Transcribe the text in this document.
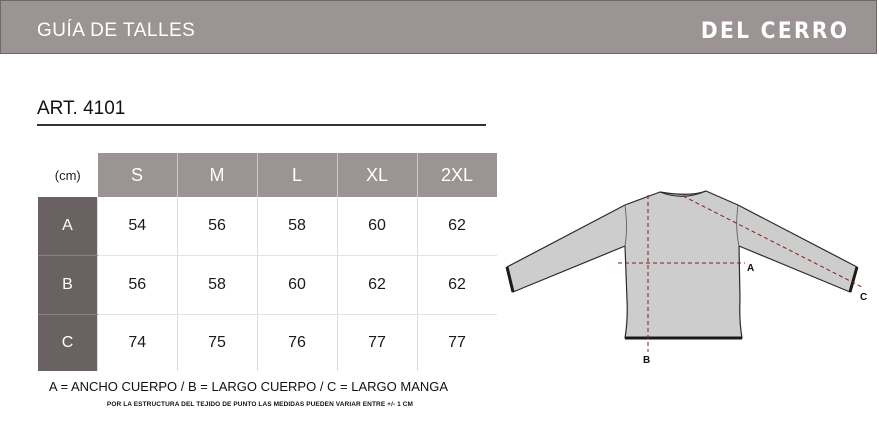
GUÍA DE TALLES	DEL CERRO
ART. 4101
(cm)	S	M	L	XL	2XL
A	54	56	58	60	62
B	56	58	60	62	62
C	74	75	76	77	77
A = ANCHO CUERPO / B = LARGO CUERPO / C = LARGO MANGA
POR LA ESTRUCTURA DEL TEJIDO DE PUNTO LAS MEDIDAS PUEDEN VARIAR ENTRE +/- 1 CM
A
B
C
